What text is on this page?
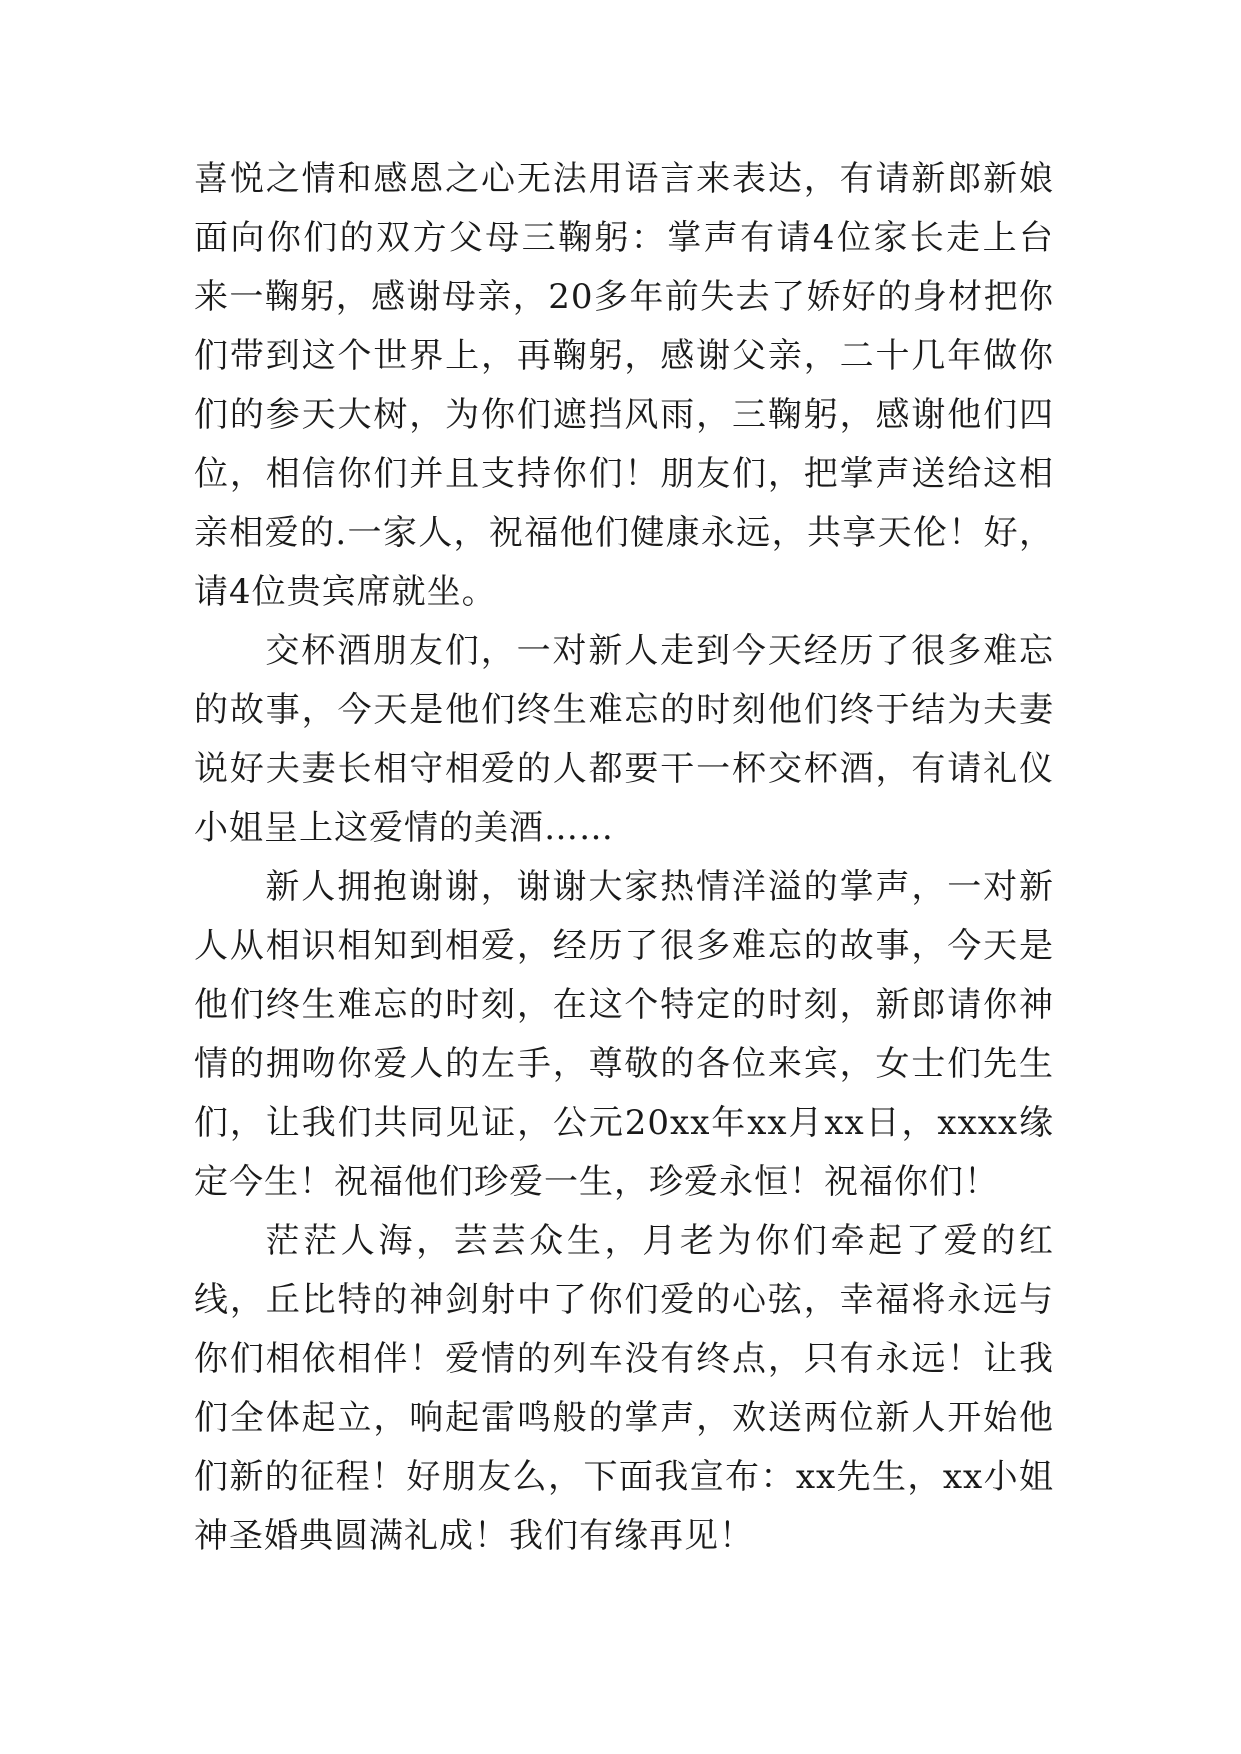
喜悦之情和感恩之心无法用语言来表达，有请新郎新娘面向你们的双方父母三鞠躬：掌声有请4位家长走上台来一鞠躬，感谢母亲，20多年前失去了娇好的身材把你们带到这个世界上，再鞠躬，感谢父亲，二十几年做你们的参天大树，为你们遮挡风雨，三鞠躬，感谢他们四位，相信你们并且支持你们！朋友们，把掌声送给这相亲相爱的.一家人，祝福他们健康永远，共享天伦！好，请4位贵宾席就坐。

交杯酒朋友们，一对新人走到今天经历了很多难忘的故事，今天是他们终生难忘的时刻他们终于结为夫妻说好夫妻长相守相爱的人都要干一杯交杯酒，有请礼仪小姐呈上这爱情的美酒……

新人拥抱谢谢，谢谢大家热情洋溢的掌声，一对新人从相识相知到相爱，经历了很多难忘的故事，今天是他们终生难忘的时刻，在这个特定的时刻，新郎请你神情的拥吻你爱人的左手，尊敬的各位来宾，女士们先生们，让我们共同见证，公元20xx年xx月xx日，xxxx缘定今生！祝福他们珍爱一生，珍爱永恒！祝福你们！

茫茫人海，芸芸众生，月老为你们牵起了爱的红线，丘比特的神剑射中了你们爱的心弦，幸福将永远与你们相依相伴！爱情的列车没有终点，只有永远！让我们全体起立，响起雷鸣般的掌声，欢送两位新人开始他们新的征程！好朋友么，下面我宣布：xx先生，xx小姐神圣婚典圆满礼成！我们有缘再见！
